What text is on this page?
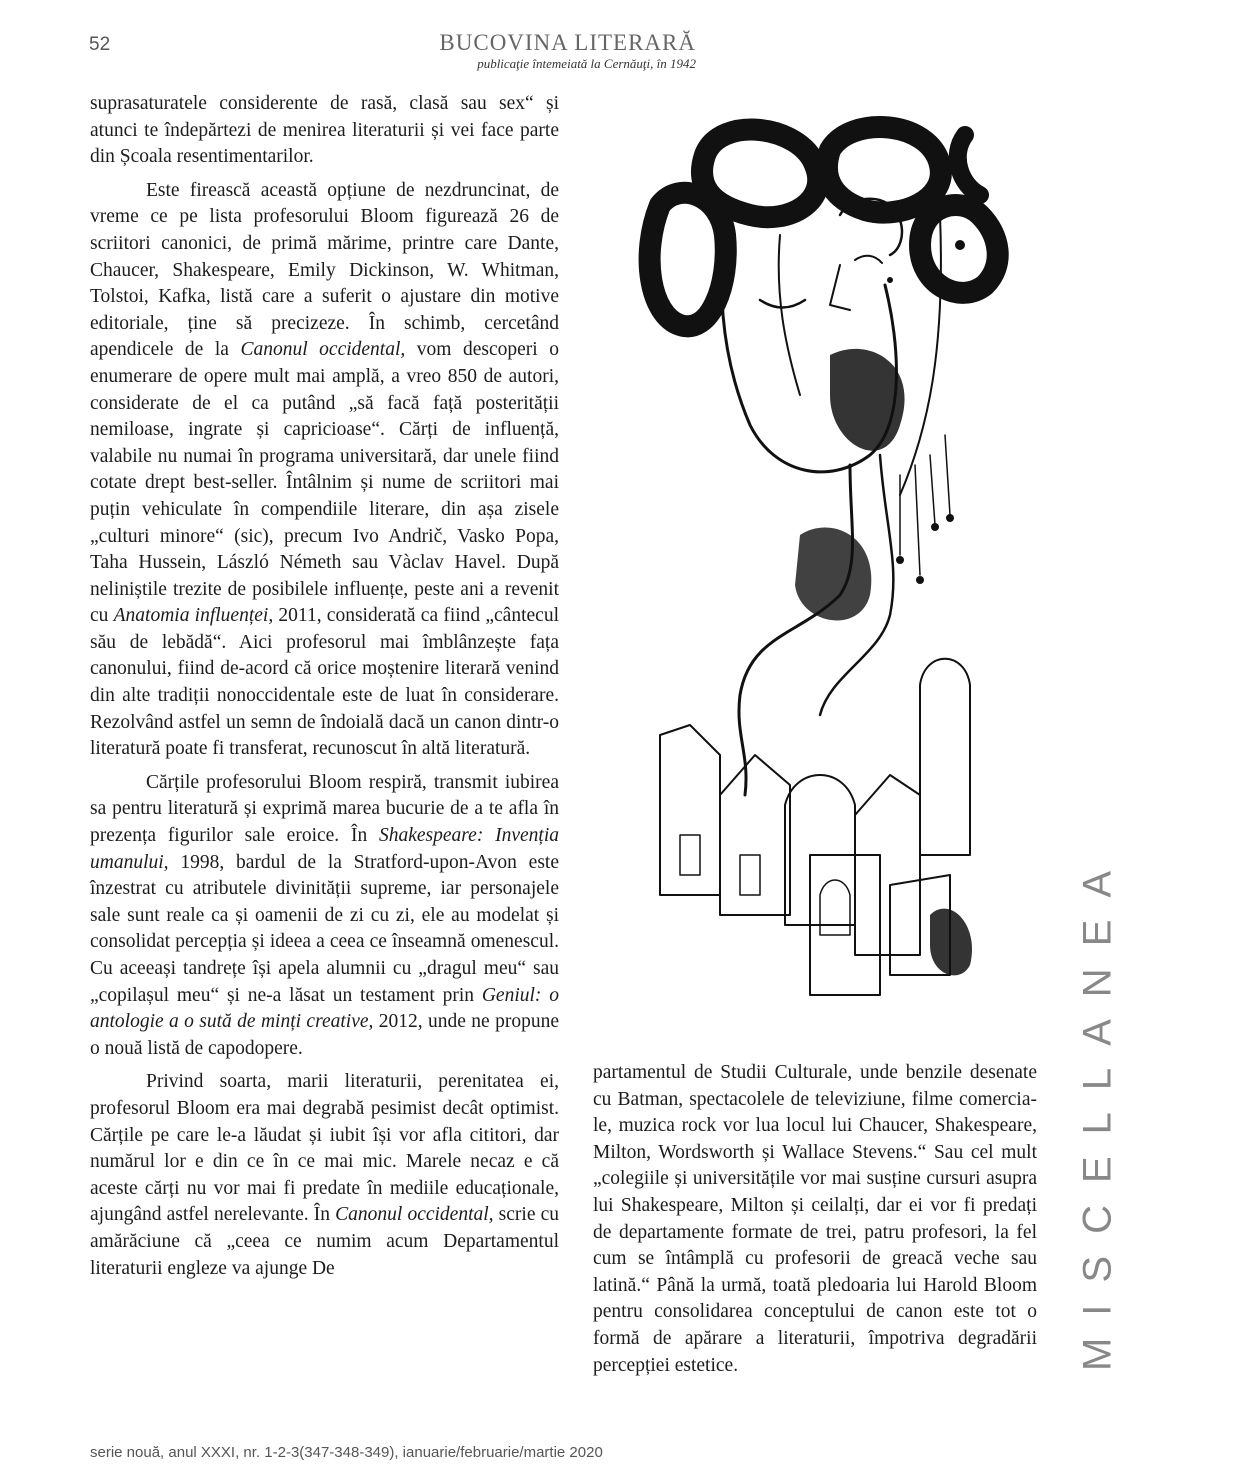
52	BUCOVINA LITERARĂ
publicaţie întemeiată la Cernăuţi, în 1942

suprasaturatele considerente de rasă, clasă sau sex“ și atunci te îndepărtezi de menirea literaturii și vei face parte din Școala resentimentarilor.

Este firească această opțiune de nezdruncinat, de vreme ce pe lista profesorului Bloom figurează 26 de scriitori canonici, de primă mărime, printre care Dante, Chaucer, Shakespeare, Emily Dickinson, W. Whitman, Tolstoi, Kafka, listă care a suferit o ajustare din motive editoriale, ține să precizeze. În schimb, cercetând apendicele de la Canonul occidental, vom descoperi o enumerare de opere mult mai amplă, a vreo 850 de autori, considerate de el ca putând „să facă față posterității nemiloase, ingrate și capricioase“. Cărți de influență, valabile nu numai în programa universitară, dar unele fiind cotate drept best-seller. Întâlnim și nume de scriitori mai puțin vehiculate în compendiile literare, din așa zisele „culturi minore“ (sic), precum Ivo Andrič, Vasko Popa, Taha Hussein, László Németh sau Vàclav Havel. După neliniștile trezite de posibilele influențe, peste ani a revenit cu Anatomia influenței, 2011, considerată ca fiind „cântecul său de lebădă“. Aici profesorul mai îmblânzește fața canonului, fiind de-acord că orice moștenire literară venind din alte tradiții nonoccidentale este de luat în considerare. Rezolvând astfel un semn de îndoială dacă un canon dintr-o literatură poate fi transferat, recunoscut în altă literatură.

Cărțile profesorului Bloom respiră, transmit iubirea sa pentru literatură și exprimă marea bucurie de a te afla în prezența figurilor sale eroice. În Shakespeare: Invenția umanului, 1998, bardul de la Stratford-upon-Avon este înzestrat cu atributele divinității supreme, iar personajele sale sunt reale ca și oamenii de zi cu zi, ele au modelat și consolidat percepția și ideea a ceea ce înseamnă omenescul. Cu aceeași tandrețe își apela alumnii cu „dragul meu“ sau „copilașul meu“ și ne-a lăsat un testament prin Geniul: o antologie a o sută de minți creative, 2012, unde ne propune o nouă listă de capodopere.

Privind soarta, marii literaturii, perenitatea ei, profesorul Bloom era mai degrabă pesimist decât optimist. Cărțile pe care le-a lăudat și iubit își vor afla cititori, dar numărul lor e din ce în ce mai mic. Marele necaz e că aceste cărți nu vor mai fi predate în mediile educaționale, ajungând astfel nerelevante. În Canonul occidental, scrie cu amărăciune că „ceea ce numim acum Departamentul literaturii engleze va ajunge De

partamentul de Studii Culturale, unde benzile desenate cu Batman, spectacolele de televiziune, filme comerciale, muzica rock vor lua locul lui Chaucer, Shakespeare, Milton, Wordsworth și Wallace Stevens.“ Sau cel mult „colegiile și universitățile vor mai susține cursuri asupra lui Shakespeare, Milton și ceilalți, dar ei vor fi predați de departamente formate de trei, patru profesori, la fel cum se întâmplă cu profesorii de greacă veche sau latină.“ Până la urmă, toată pledoaria lui Harold Bloom pentru consolidarea conceptului de canon este tot o formă de apărare a literaturii, împotriva degradării percepției estetice.	MISCELLANEA
serie nouă, anul XXXI, nr. 1-2-3(347-348-349), ianuarie/februarie/martie 2020
